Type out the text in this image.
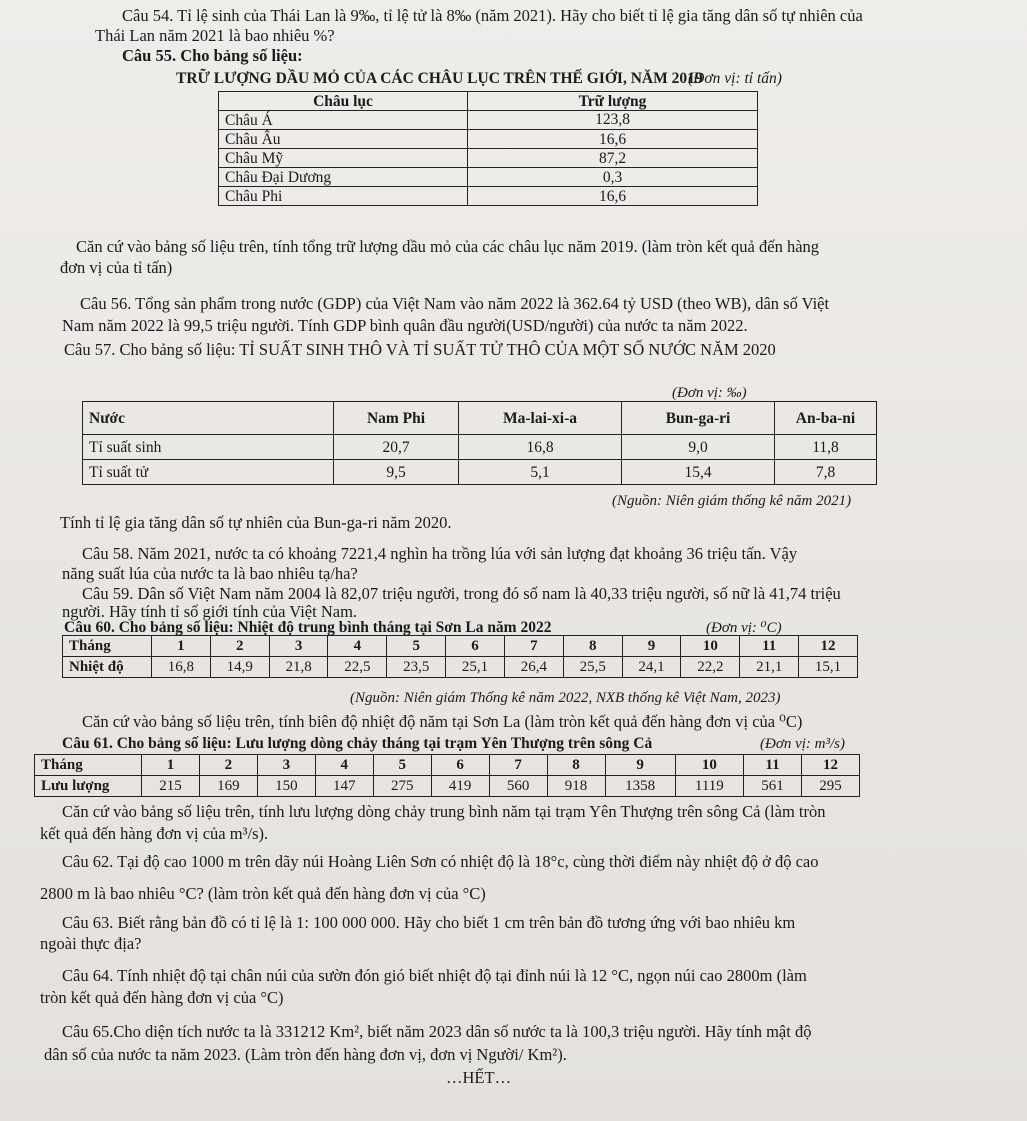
Câu 54. Tỉ lệ sinh của Thái Lan là 9‰, tỉ lệ tử là 8‰ (năm 2021). Hãy cho biết tỉ lệ gia tăng dân số tự nhiên của
Thái Lan năm 2021 là bao nhiêu %?
Câu 55. Cho bảng số liệu:
TRỮ LƯỢNG DẦU MỎ CỦA CÁC CHÂU LỤC TRÊN THẾ GIỚI, NĂM 2019
(Đơn vị: tỉ tấn)
Châu lục	Trữ lượng
Châu Á	123,8
Châu Âu	16,6
Châu Mỹ	87,2
Châu Đại Dương	0,3
Châu Phi	16,6
Căn cứ vào bảng số liệu trên, tính tổng trữ lượng dầu mỏ của các châu lục năm 2019. (làm tròn kết quả đến hàng
đơn vị của tỉ tấn)
Câu 56. Tổng sản phẩm trong nước (GDP) của Việt Nam vào năm 2022 là 362.64 tỷ USD (theo WB), dân số Việt
Nam năm 2022 là 99,5 triệu người. Tính GDP bình quân đầu người(USD/người) của nước ta năm 2022.
Câu 57. Cho bảng số liệu: TỈ SUẤT SINH THÔ VÀ TỈ SUẤT TỬ THÔ CỦA MỘT SỐ NƯỚC NĂM 2020
(Đơn vị: ‰)
Nước	Nam Phi	Ma-lai-xi-a	Bun-ga-ri	An-ba-ni
Tỉ suất sinh	20,7	16,8	9,0	11,8
Tỉ suất tử	9,5	5,1	15,4	7,8
(Nguồn: Niên giám thống kê năm 2021)
Tính tỉ lệ gia tăng dân số tự nhiên của Bun-ga-ri năm 2020.
Câu 58. Năm 2021, nước ta có khoảng 7221,4 nghìn ha trồng lúa với sản lượng đạt khoảng 36 triệu tấn. Vậy
năng suất lúa của nước ta là bao nhiêu tạ/ha?
Câu 59. Dân số Việt Nam năm 2004 là 82,07 triệu người, trong đó số nam là 40,33 triệu người, số nữ là 41,74 triệu
người. Hãy tính tỉ số giới tính của Việt Nam.
Câu 60. Cho bảng số liệu: Nhiệt độ trung bình tháng tại Sơn La năm 2022	(Đơn vị: ⁰C)
Tháng	1	2	3	4	5	6	7	8	9	10	11	12
Nhiệt độ	16,8	14,9	21,8	22,5	23,5	25,1	26,4	25,5	24,1	22,2	21,1	15,1
(Nguồn: Niên giám Thống kê năm 2022, NXB thống kê Việt Nam, 2023)
Căn cứ vào bảng số liệu trên, tính biên độ nhiệt độ năm tại Sơn La (làm tròn kết quả đến hàng đơn vị của ⁰C)
Câu 61. Cho bảng số liệu: Lưu lượng dòng chảy tháng tại trạm Yên Thượng trên sông Cả	(Đơn vị: m³/s)
Tháng	1	2	3	4	5	6	7	8	9	10	11	12
Lưu lượng	215	169	150	147	275	419	560	918	1358	1119	561	295
Căn cứ vào bảng số liệu trên, tính lưu lượng dòng chảy trung bình năm tại trạm Yên Thượng trên sông Cả (làm tròn
kết quả đến hàng đơn vị của m³/s).
Câu 62. Tại độ cao 1000 m trên dãy núi Hoàng Liên Sơn có nhiệt độ là 18°c, cùng thời điểm này nhiệt độ ở độ cao
2800 m là bao nhiêu °C? (làm tròn kết quả đến hàng đơn vị của °C)
Câu 63. Biết rằng bản đồ có tỉ lệ là 1: 100 000 000. Hãy cho biết 1 cm trên bản đồ tương ứng với bao nhiêu km
ngoài thực địa?
Câu 64. Tính nhiệt độ tại chân núi của sườn đón gió biết nhiệt độ tại đỉnh núi là 12 °C, ngọn núi cao 2800m (làm
tròn kết quả đến hàng đơn vị của °C)
Câu 65.Cho diện tích nước ta là 331212 Km², biết năm 2023 dân số nước ta là 100,3 triệu người. Hãy tính mật độ
dân số của nước ta năm 2023. (Làm tròn đến hàng đơn vị, đơn vị Người/ Km²).
…HẾT…
